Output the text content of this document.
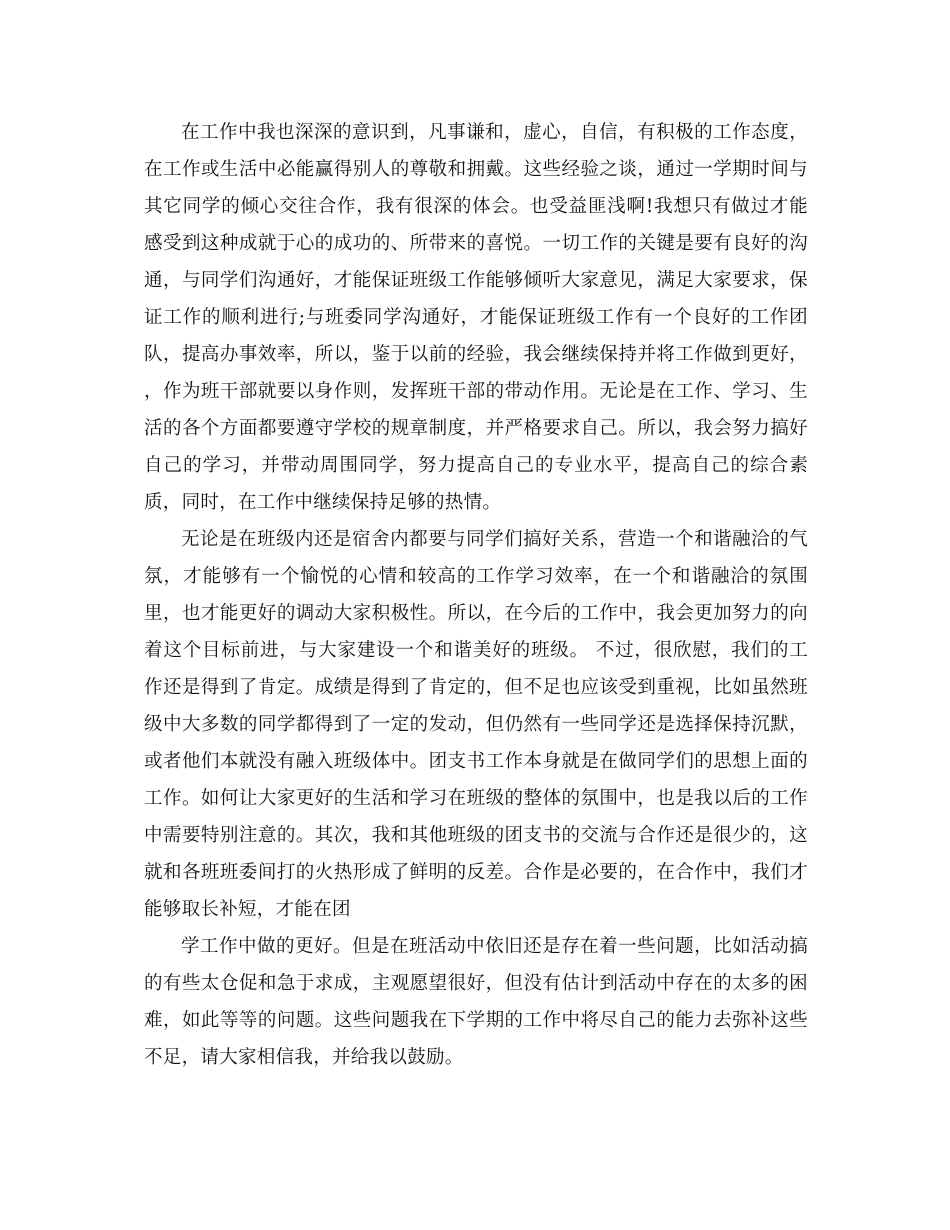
在工作中我也深深的意识到，凡事谦和，虚心，自信，有积极的工作态度，在工作或生活中必能赢得别人的尊敬和拥戴。这些经验之谈，通过一学期时间与其它同学的倾心交往合作，我有很深的体会。也受益匪浅啊!我想只有做过才能感受到这种成就于心的成功的、所带来的喜悦。一切工作的关键是要有良好的沟通，与同学们沟通好，才能保证班级工作能够倾听大家意见，满足大家要求，保证工作的顺利进行;与班委同学沟通好，才能保证班级工作有一个良好的工作团队，提高办事效率，所以，鉴于以前的经验，我会继续保持并将工作做到更好， ，作为班干部就要以身作则，发挥班干部的带动作用。无论是在工作、学习、生活的各个方面都要遵守学校的规章制度，并严格要求自己。所以，我会努力搞好自己的学习，并带动周围同学，努力提高自己的专业水平，提高自己的综合素质，同时，在工作中继续保持足够的热情。

无论是在班级内还是宿舍内都要与同学们搞好关系，营造一个和谐融洽的气氛，才能够有一个愉悦的心情和较高的工作学习效率，在一个和谐融洽的氛围里，也才能更好的调动大家积极性。所以，在今后的工作中，我会更加努力的向着这个目标前进，与大家建设一个和谐美好的班级。 不过，很欣慰，我们的工作还是得到了肯定。成绩是得到了肯定的，但不足也应该受到重视，比如虽然班级中大多数的同学都得到了一定的发动，但仍然有一些同学还是选择保持沉默，或者他们本就没有融入班级体中。团支书工作本身就是在做同学们的思想上面的工作。如何让大家更好的生活和学习在班级的整体的氛围中，也是我以后的工作中需要特别注意的。其次，我和其他班级的团支书的交流与合作还是很少的，这就和各班班委间打的火热形成了鲜明的反差。合作是必要的，在合作中，我们才能够取长补短，才能在团

学工作中做的更好。但是在班活动中依旧还是存在着一些问题，比如活动搞的有些太仓促和急于求成，主观愿望很好，但没有估计到活动中存在的太多的困难，如此等等的问题。这些问题我在下学期的工作中将尽自己的能力去弥补这些不足，请大家相信我，并给我以鼓励。
